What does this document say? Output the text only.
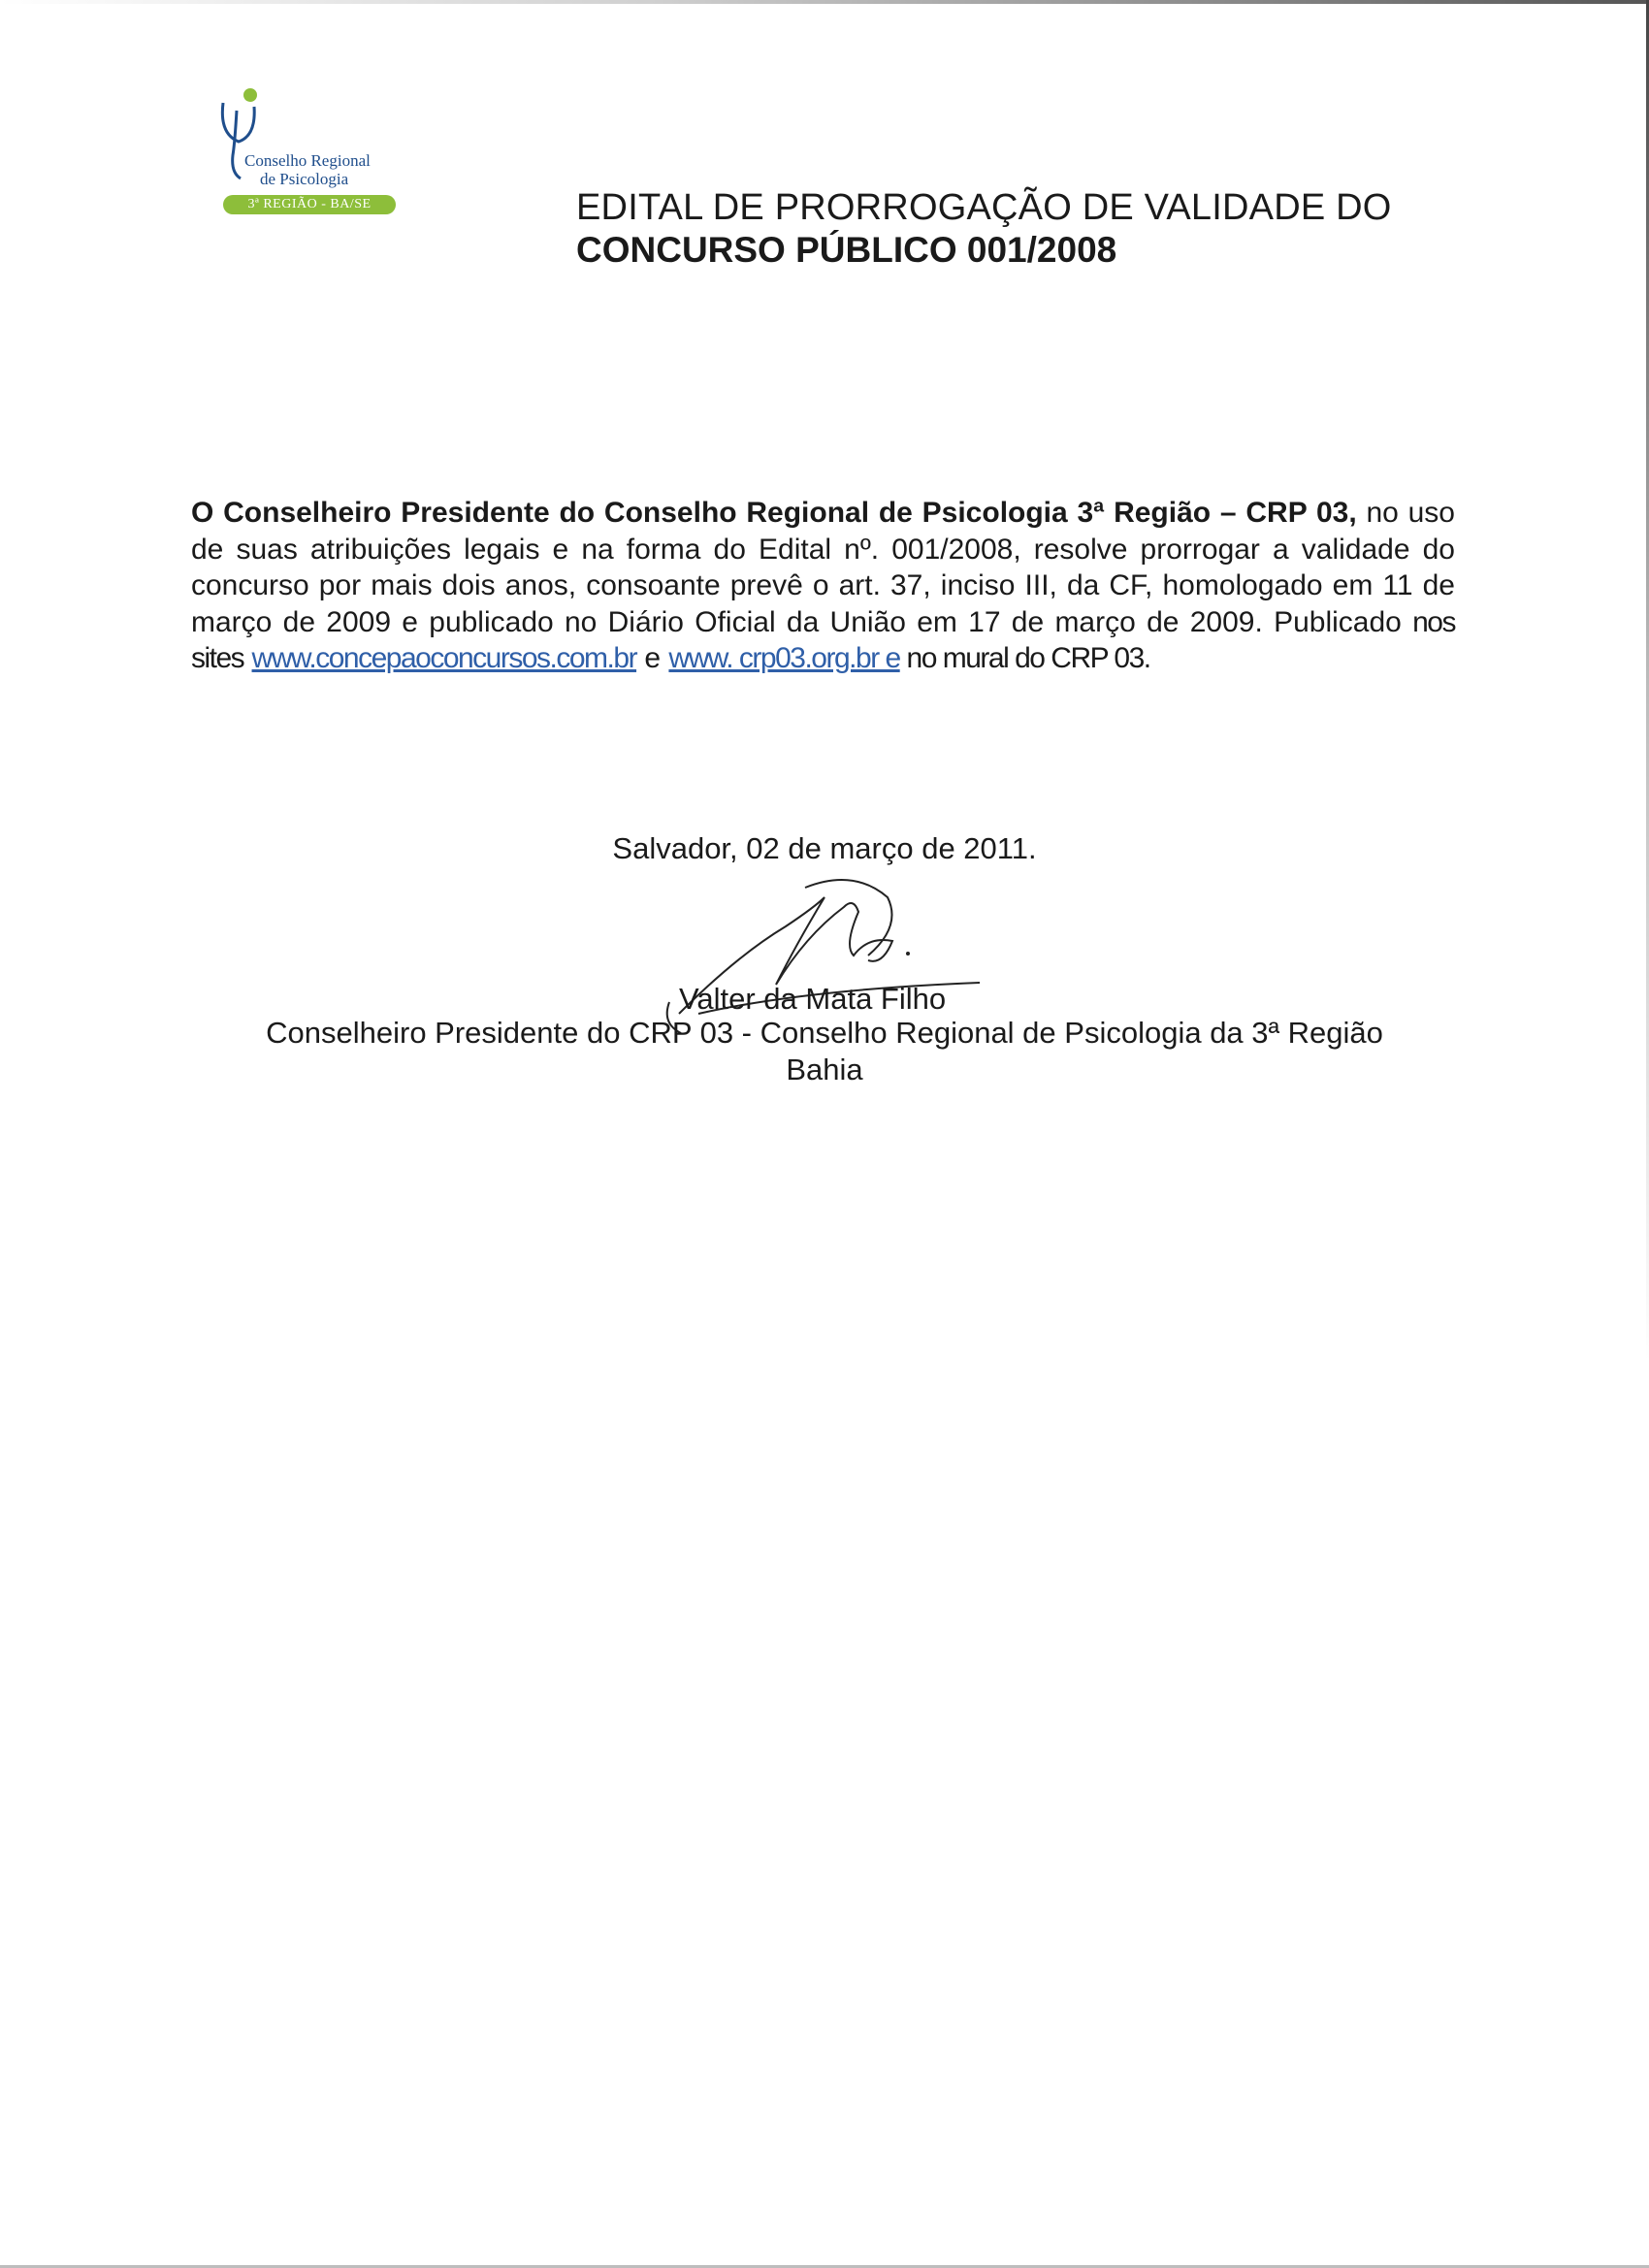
Conselho Regional
de Psicologia
3ª REGIÃO - BA/SE	EDITAL DE PRORROGAÇÃO DE VALIDADE DO
CONCURSO PÚBLICO 001/2008

O Conselheiro Presidente do Conselho Regional de Psicologia 3ª Região – CRP 03, no uso de suas atribuições legais e na forma do Edital nº. 001/2008, resolve prorrogar a validade do concurso por mais dois anos, consoante prevê o art. 37, inciso III, da CF, homologado em 11 de março de 2009 e publicado no Diário Oficial da União em 17 de março de 2009. Publicado nos sites www.concepaoconcursos.com.br e www. crp03.org.br e no mural do CRP 03.

Salvador, 02 de março de 2011.
Valter da Mata Filho
Conselheiro Presidente do CRP 03 - Conselho Regional de Psicologia da 3ª Região
Bahia
